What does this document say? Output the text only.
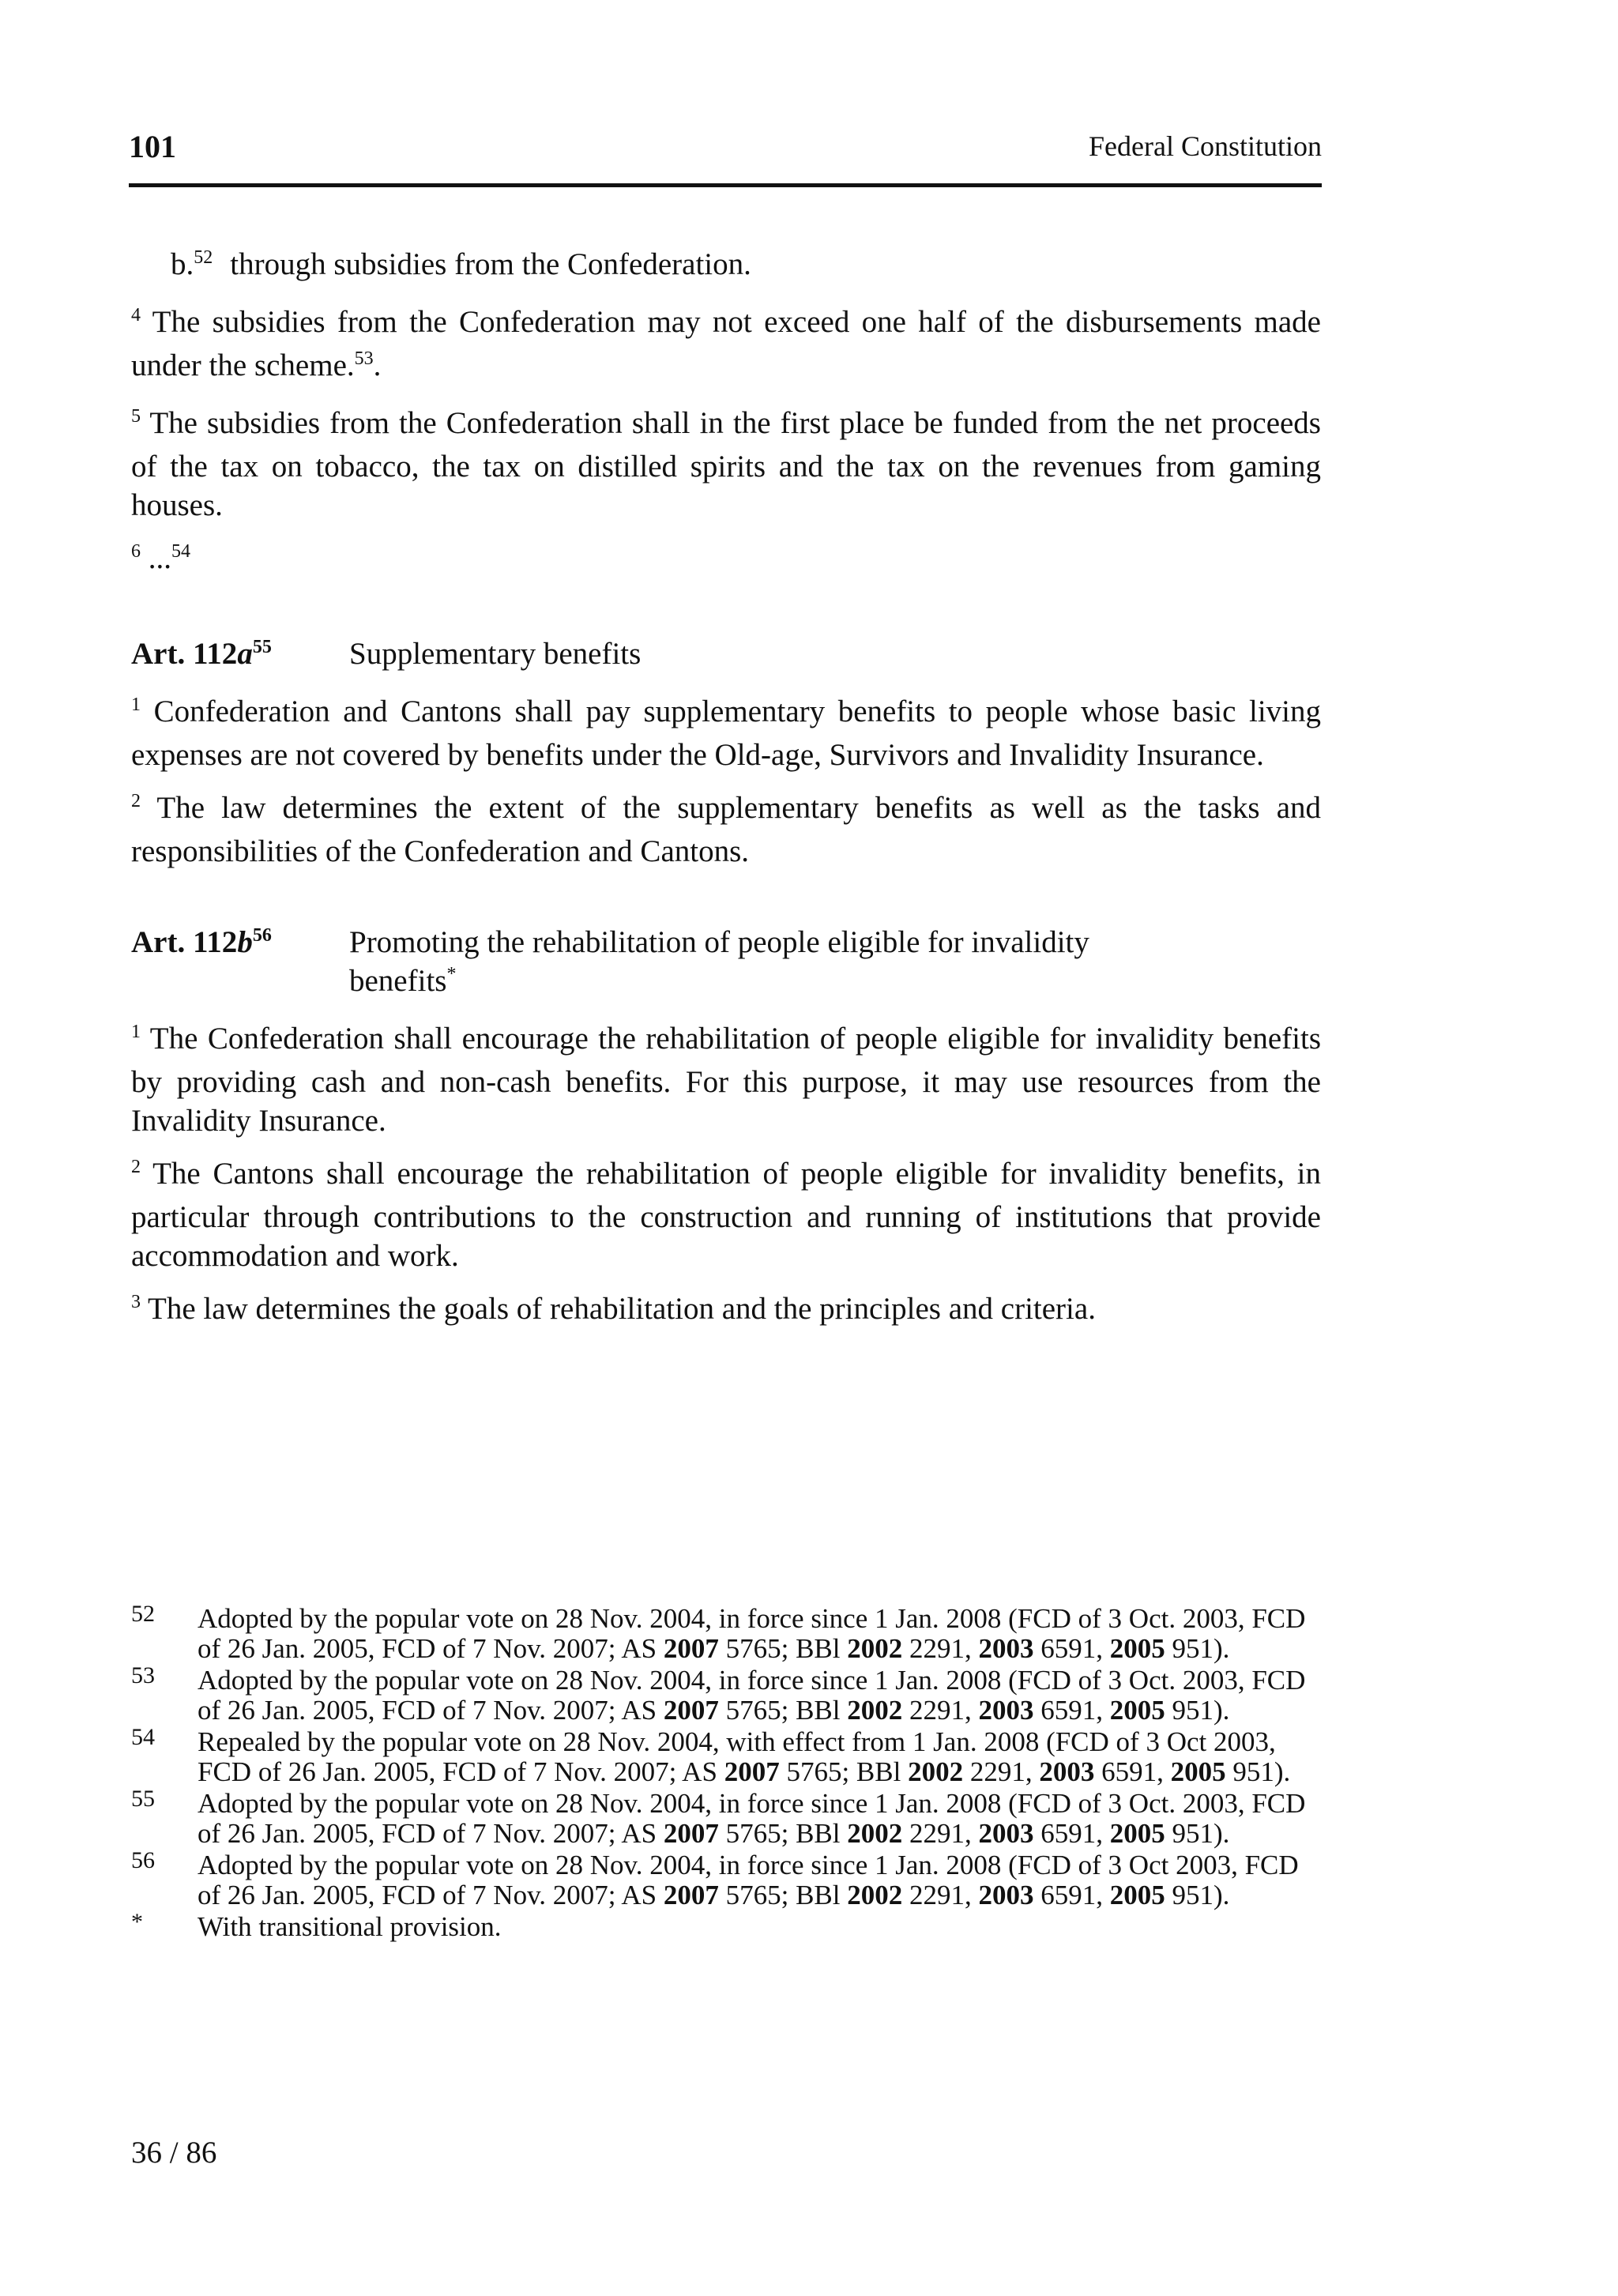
101	Federal Constitution

b.$^{52}$ through subsidies from the Confederation.

$^4$ The subsidies from the Confederation may not exceed one half of the disbursements made under the scheme.$^{53}$.

$^5$ The subsidies from the Confederation shall in the first place be funded from the net proceeds of the tax on tobacco, the tax on distilled spirits and the tax on the revenues from gaming houses.

$^6$ ...$^{54}$

Art. $112a^{55}$	Supplementary benefits

$^1$ Confederation and Cantons shall pay supplementary benefits to people whose basic living expenses are not covered by benefits under the Old-age, Survivors and Invalidity Insurance.

$^2$ The law determines the extent of the supplementary benefits as well as the tasks and responsibilities of the Confederation and Cantons.

Art. $112b^{56}$	Promoting the rehabilitation of people eligible for invalidity benefits*

$^1$ The Confederation shall encourage the rehabilitation of people eligible for invalidity benefits by providing cash and non-cash benefits. For this purpose, it may use resources from the Invalidity Insurance.

$^2$ The Cantons shall encourage the rehabilitation of people eligible for invalidity benefits, in particular through contributions to the construction and running of institutions that provide accommodation and work.

$^3$ The law determines the goals of rehabilitation and the principles and criteria.

52	Adopted by the popular vote on 28 Nov. 2004, in force since 1 Jan. 2008 (FCD of 3 Oct. 2003, FCD of 26 Jan. 2005, FCD of 7 Nov. 2007; AS 2007 5765; BBl 2002 2291, 2003 6591, 2005 951).
53	Adopted by the popular vote on 28 Nov. 2004, in force since 1 Jan. 2008 (FCD of 3 Oct. 2003, FCD of 26 Jan. 2005, FCD of 7 Nov. 2007; AS 2007 5765; BBl 2002 2291, 2003 6591, 2005 951).
54	Repealed by the popular vote on 28 Nov. 2004, with effect from 1 Jan. 2008 (FCD of 3 Oct 2003, FCD of 26 Jan. 2005, FCD of 7 Nov. 2007; AS 2007 5765; BBl 2002 2291, 2003 6591, 2005 951).
55	Adopted by the popular vote on 28 Nov. 2004, in force since 1 Jan. 2008 (FCD of 3 Oct. 2003, FCD of 26 Jan. 2005, FCD of 7 Nov. 2007; AS 2007 5765; BBl 2002 2291, 2003 6591, 2005 951).
56	Adopted by the popular vote on 28 Nov. 2004, in force since 1 Jan. 2008 (FCD of 3 Oct 2003, FCD of 26 Jan. 2005, FCD of 7 Nov. 2007; AS 2007 5765; BBl 2002 2291, 2003 6591, 2005 951).
*	With transitional provision.
36 / 86
